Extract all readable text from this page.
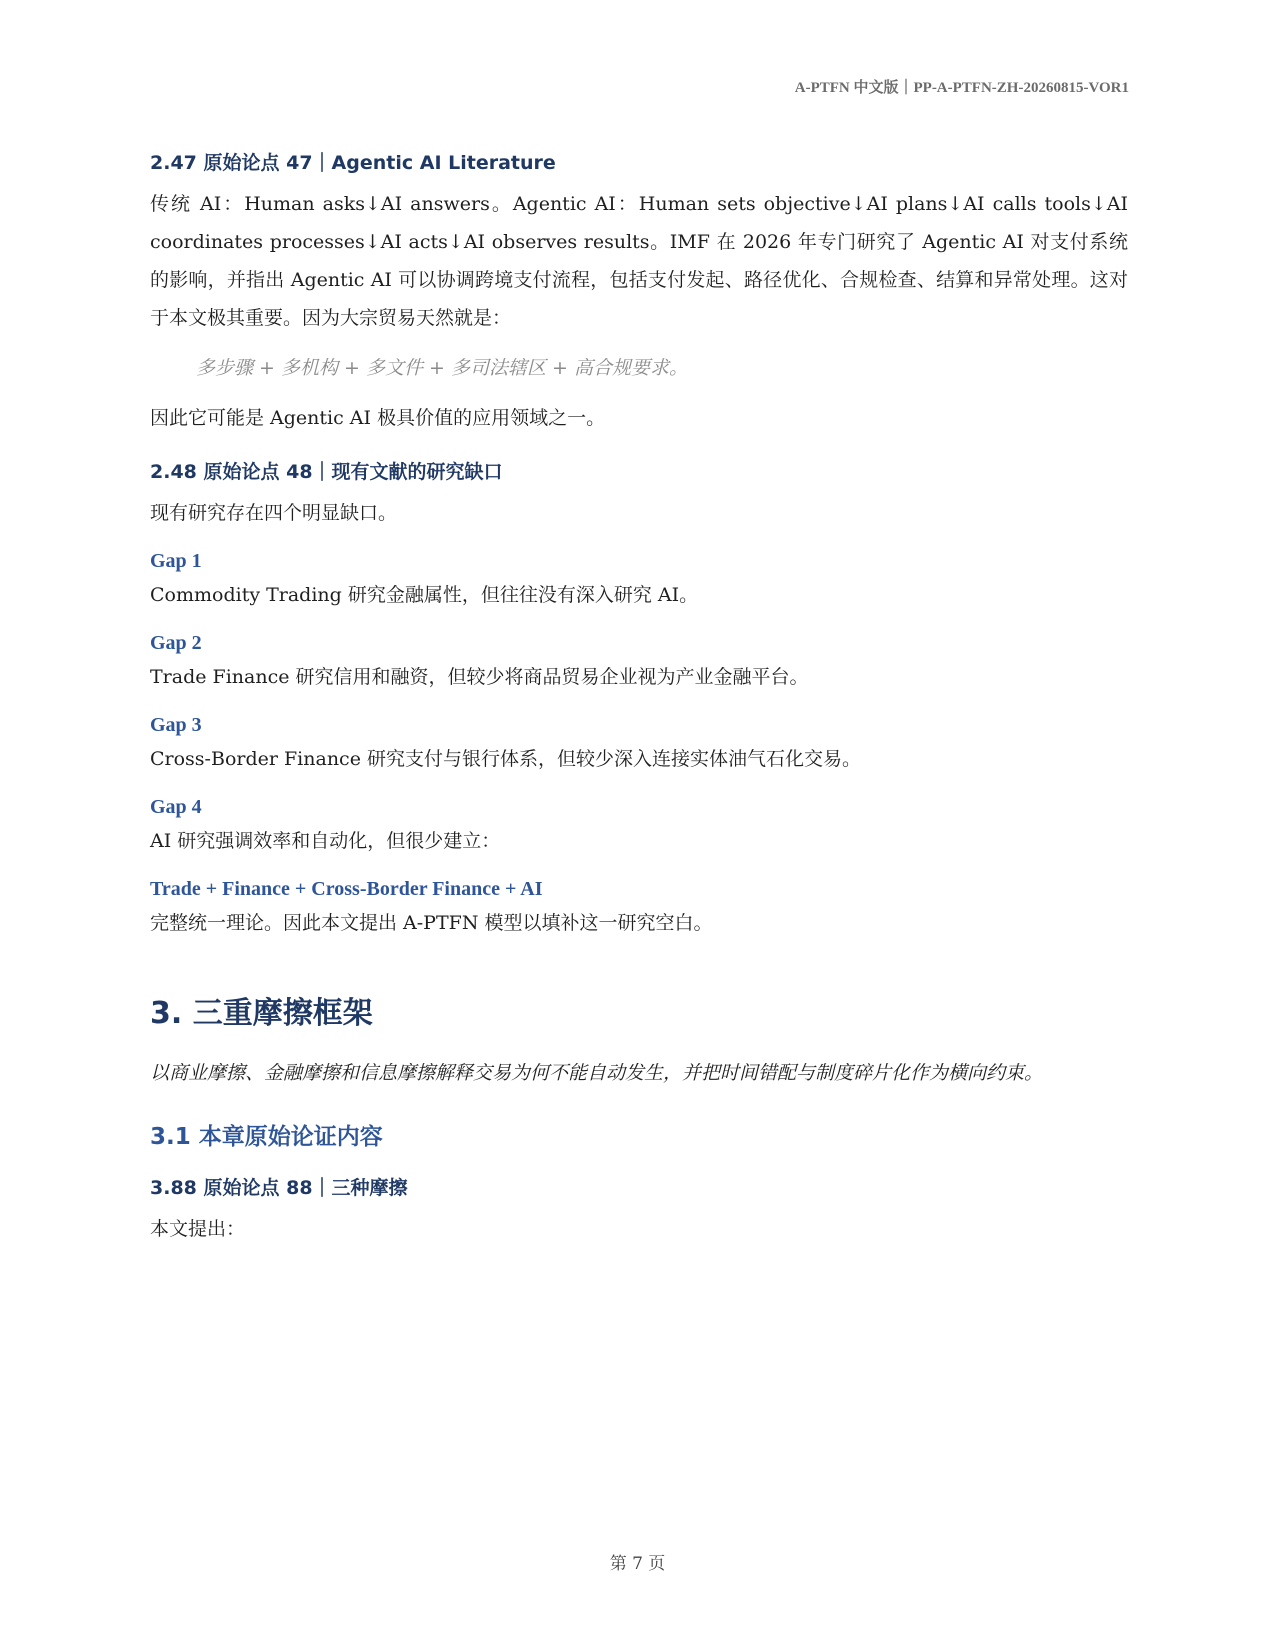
A-PTFN 中文版｜PP-A-PTFN-ZH-20260815-VOR1
2.47 原始论点 47｜Agentic AI Literature

传统 AI：Human asks↓AI answers。Agentic AI：Human sets objective↓AI plans↓AI calls tools↓AI coordinates processes↓AI acts↓AI observes results。IMF 在 2026 年专门研究了 Agentic AI 对支付系统的影响，并指出 Agentic AI 可以协调跨境支付流程，包括支付发起、路径优化、合规检查、结算和异常处理。这对于本文极其重要。因为大宗贸易天然就是：

多步骤 + 多机构 + 多文件 + 多司法辖区 + 高合规要求。

因此它可能是 Agentic AI 极具价值的应用领域之一。

2.48 原始论点 48｜现有文献的研究缺口

现有研究存在四个明显缺口。

Gap 1

Commodity Trading 研究金融属性，但往往没有深入研究 AI。

Gap 2

Trade Finance 研究信用和融资，但较少将商品贸易企业视为产业金融平台。

Gap 3

Cross-Border Finance 研究支付与银行体系，但较少深入连接实体油气石化交易。

Gap 4

AI 研究强调效率和自动化，但很少建立：

Trade + Finance + Cross-Border Finance + AI

完整统一理论。因此本文提出 A-PTFN 模型以填补这一研究空白。

3. 三重摩擦框架

以商业摩擦、金融摩擦和信息摩擦解释交易为何不能自动发生，并把时间错配与制度碎片化作为横向约束。

3.1 本章原始论证内容
3.88 原始论点 88｜三种摩擦

本文提出：

第 7 页
